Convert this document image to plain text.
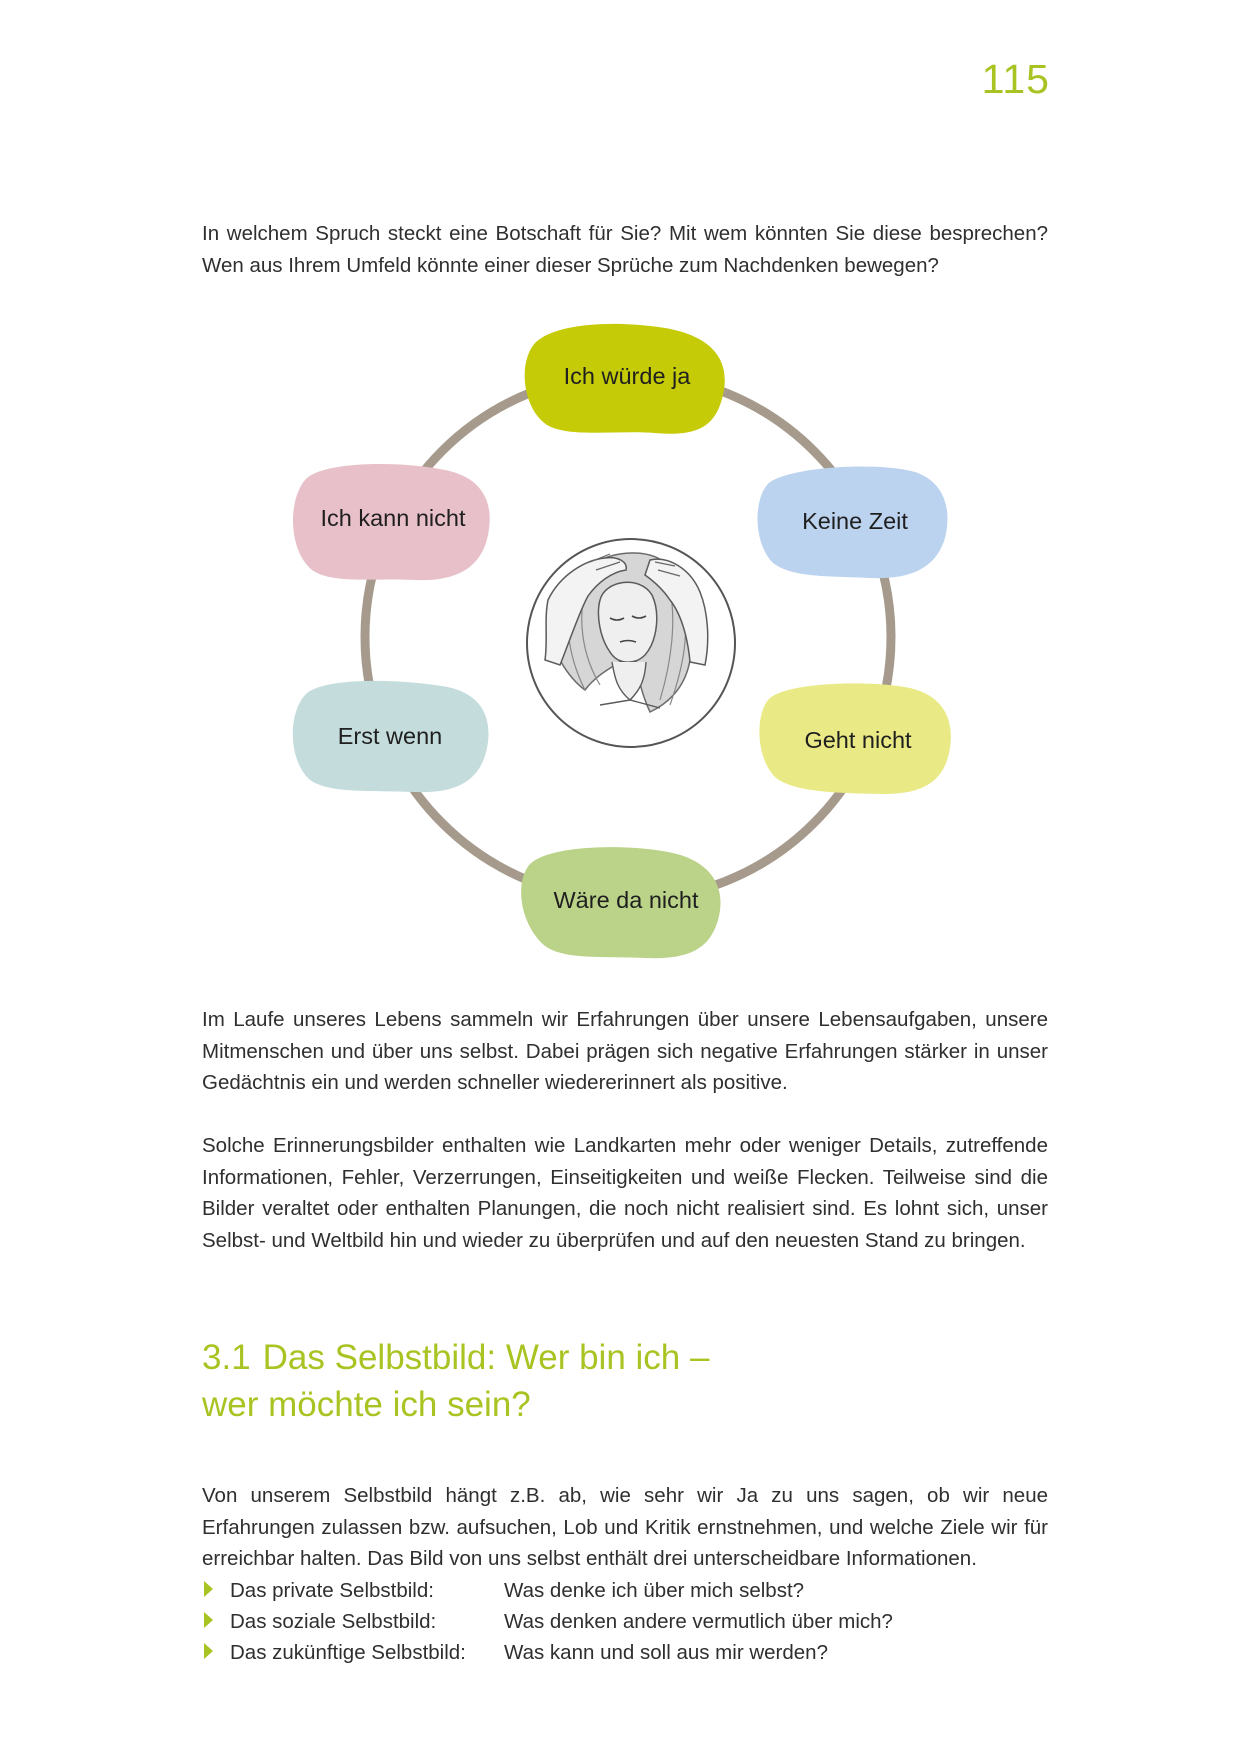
115

In welchem Spruch steckt eine Botschaft für Sie? Mit wem könnten Sie diese besprechen? Wen aus Ihrem Umfeld könnte einer dieser Sprüche zum Nachdenken bewegen?

Ich würde ja
Keine Zeit
Geht nicht
Wäre da nicht
Erst wenn
Ich kann nicht

Im Laufe unseres Lebens sammeln wir Erfahrungen über unsere Lebensaufgaben, unsere Mitmenschen und über uns selbst. Dabei prägen sich negative Erfahrungen stärker in unser Gedächtnis ein und werden schneller wiedererinnert als positive.

Solche Erinnerungsbilder enthalten wie Landkarten mehr oder weniger Details, zutreffende Informationen, Fehler, Verzerrungen, Einseitigkeiten und weiße Flecken. Teilweise sind die Bilder veraltet oder enthalten Planungen, die noch nicht realisiert sind. Es lohnt sich, unser Selbst- und Weltbild hin und wieder zu überprüfen und auf den neuesten Stand zu bringen.

3.1 Das Selbstbild: Wer bin ich –
wer möchte ich sein?

Von unserem Selbstbild hängt z.B. ab, wie sehr wir Ja zu uns sagen, ob wir neue Erfahrungen zulassen bzw. aufsuchen, Lob und Kritik ernstnehmen, und welche Ziele wir für erreichbar halten. Das Bild von uns selbst enthält drei unterscheidbare Informationen.

Das private Selbstbild:	Was denke ich über mich selbst?
Das soziale Selbstbild:	Was denken andere vermutlich über mich?
Das zukünftige Selbstbild: Was kann und soll aus mir werden?
